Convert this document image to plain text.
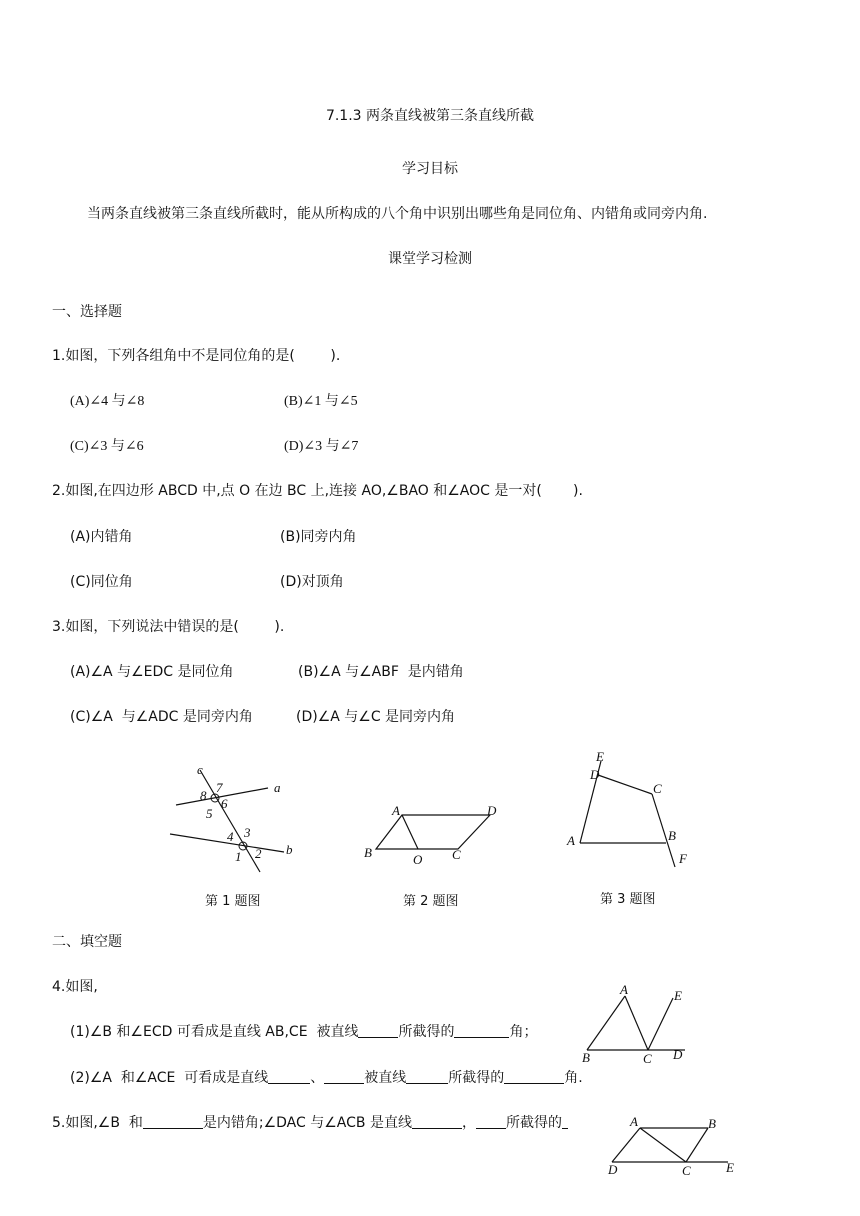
7.1.3 两条直线被第三条直线所截
学习目标
当两条直线被第三条直线所截时，能从所构成的八个角中识别出哪些角是同位角、内错角或同旁内角.
课堂学习检测
一、选择题
1.如图，下列各组角中不是同位角的是(        ).
(A)∠4 与∠8	(B)∠1 与∠5
(C)∠3 与∠6	(D)∠3 与∠7
2.如图,在四边形 ABCD 中,点 O 在边 BC 上,连接 AO,∠BAO 和∠AOC 是一对(       ).
(A)内错角	(B)同旁内角
(C)同位角	(D)对顶角
3.如图，下列说法中错误的是(        ).
(A)∠A 与∠EDC 是同位角	(B)∠A 与∠ABF  是内错角
(C)∠A  与∠ADC 是同旁内角	(D)∠A 与∠C 是同旁内角
c
a
b
7
8
6
5
3
4
2
1
第 1 题图
A	D
B	O C
第 2 题图
E
D
C
B
A
F
第 3 题图
二、填空题
4.如图,
(1)∠B 和∠ECD 可看成是直线 AB,CE  被直线	所截得的	角；
(2)∠A  和∠ACE  可看成是直线	、	被直线	所截得的	角.
A	E
B	C D
5.如图,∠B  和	是内错角;∠DAC 与∠ACB 是直线	， 所截得的	A	B
D	C	E
